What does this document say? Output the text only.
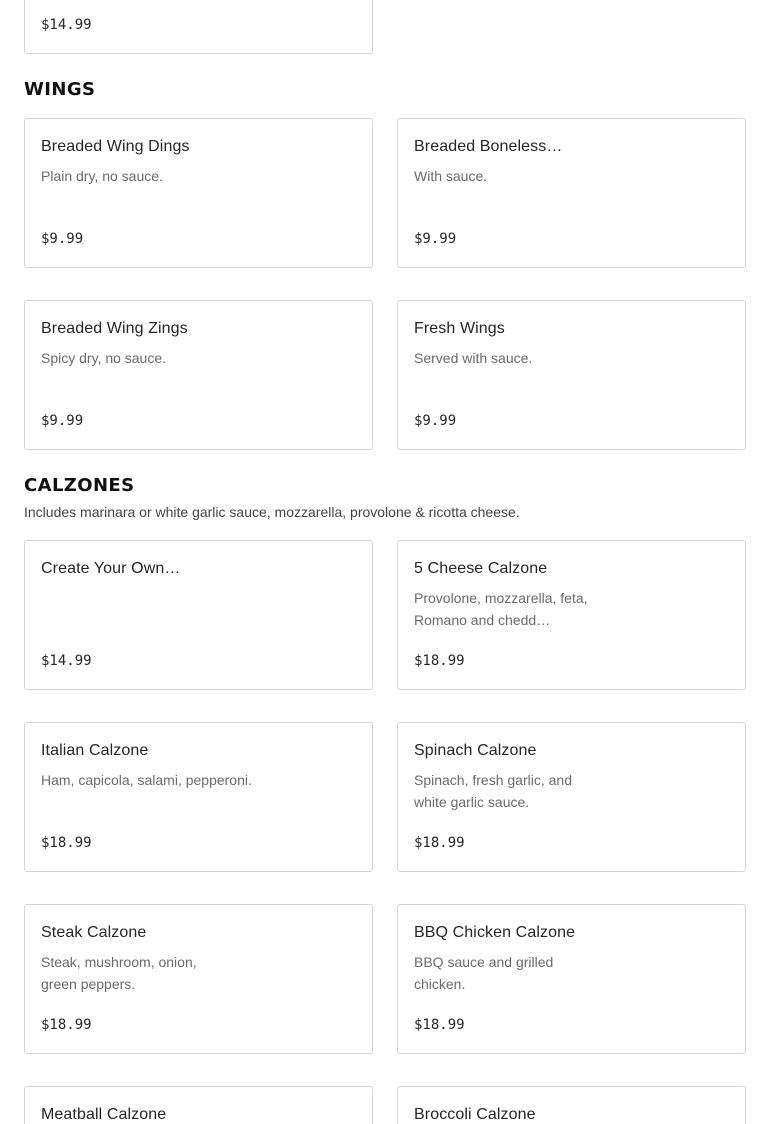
$14.99
WINGS
Breaded Wing Dings
Plain dry, no sauce.
$9.99
Breaded Boneless…
With sauce.
$9.99
Breaded Wing Zings
Spicy dry, no sauce.
$9.99
Fresh Wings
Served with sauce.
$9.99
CALZONES
Includes marinara or white garlic sauce, mozzarella, provolone & ricotta cheese.
Create Your Own…
$14.99
5 Cheese Calzone
Provolone, mozzarella, feta, Romano and chedd…
$18.99
Italian Calzone
Ham, capicola, salami, pepperoni.
$18.99
Spinach Calzone
Spinach, fresh garlic, and white garlic sauce.
$18.99
Steak Calzone
Steak, mushroom, onion, green peppers.
$18.99
BBQ Chicken Calzone
BBQ sauce and grilled chicken.
$18.99
Meatball Calzone	Broccoli Calzone
